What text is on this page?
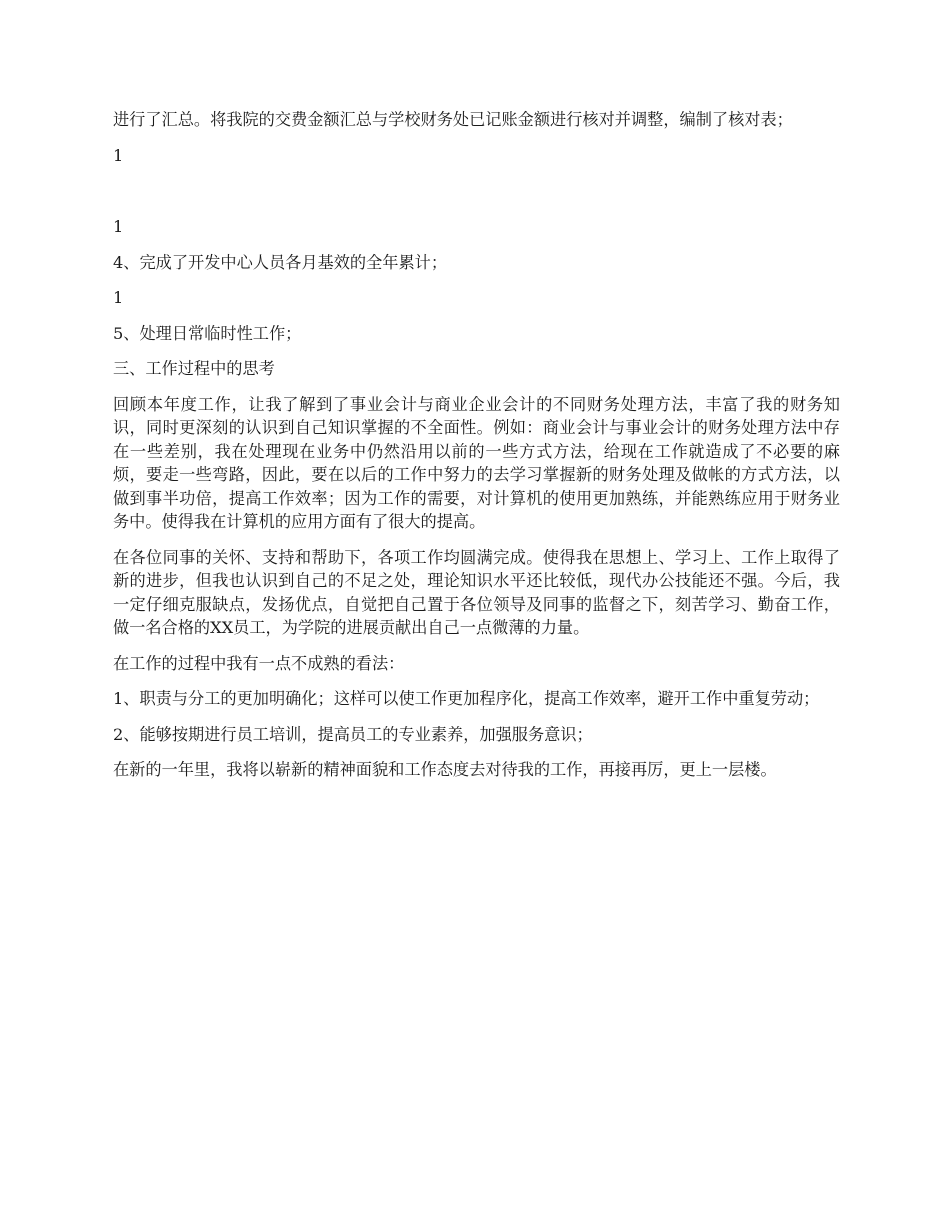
进行了汇总。将我院的交费金额汇总与学校财务处已记账金额进行核对并调整，编制了核对表；

1

1

4、完成了开发中心人员各月基效的全年累计；

1

5、处理日常临时性工作；

三、工作过程中的思考

回顾本年度工作，让我了解到了事业会计与商业企业会计的不同财务处理方法，丰富了我的财务知识，同时更深刻的认识到自己知识掌握的不全面性。例如：商业会计与事业会计的财务处理方法中存在一些差别，我在处理现在业务中仍然沿用以前的一些方式方法，给现在工作就造成了不必要的麻烦，要走一些弯路，因此，要在以后的工作中努力的去学习掌握新的财务处理及做帐的方式方法，以做到事半功倍，提高工作效率；因为工作的需要，对计算机的使用更加熟练，并能熟练应用于财务业务中。使得我在计算机的应用方面有了很大的提高。

在各位同事的关怀、支持和帮助下，各项工作均圆满完成。使得我在思想上、学习上、工作上取得了新的进步，但我也认识到自己的不足之处，理论知识水平还比较低，现代办公技能还不强。今后，我一定仔细克服缺点，发扬优点，自觉把自己置于各位领导及同事的监督之下，刻苦学习、勤奋工作，做一名合格的XX员工，为学院的进展贡献出自己一点微薄的力量。

在工作的过程中我有一点不成熟的看法：

1、职责与分工的更加明确化；这样可以使工作更加程序化，提高工作效率，避开工作中重复劳动；

2、能够按期进行员工培训，提高员工的专业素养，加强服务意识；

在新的一年里，我将以崭新的精神面貌和工作态度去对待我的工作，再接再厉，更上一层楼。
